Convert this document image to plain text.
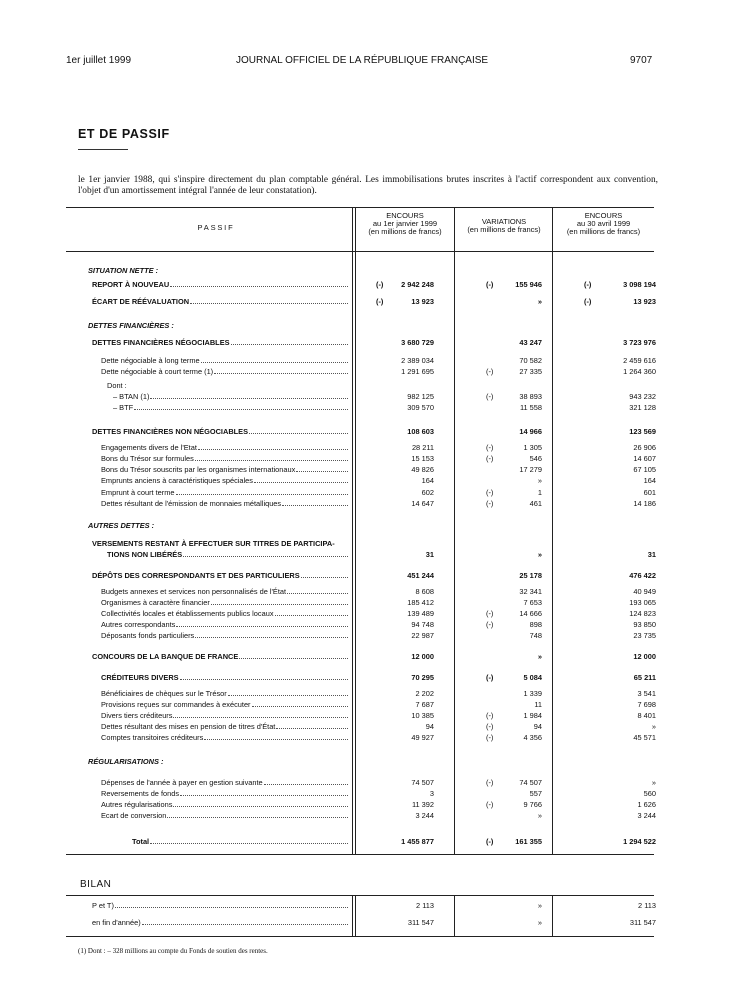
1er juillet 1999	JOURNAL OFFICIEL DE LA RÉPUBLIQUE FRANÇAISE	9707
ET DE PASSIF
le 1er janvier 1988, qui s'inspire directement du plan comptable général. Les immobilisations brutes inscrites à l'actif correspondent aux convention, l'objet d'un amortissement intégral l'année de leur constatation).
PASSIF
ENCOURS
au 1er janvier 1999
(en millions de francs)
VARIATIONS
(en millions de francs)
ENCOURS
au 30 avril 1999
(en millions de francs)
SITUATION NETTE :
REPORT À NOUVEAU	(-) 2 942 248	(-)	155 946	(-)	3 098 194
ÉCART DE RÉÉVALUATION	(-)	13 923	»	(-)	13 923
DETTES FINANCIÈRES :
DETTES FINANCIÈRES NÉGOCIABLES	3 680 729	43 247	3 723 976
Dette négociable à long terme	2 389 034	70 582	2 459 616
Dette négociable à court terme (1)	1 291 695	(-)	27 335	1 264 360
Dont :
– BTAN (1)	982 125	(-)	38 893	943 232
– BTF	309 570	11 558	321 128
DETTES FINANCIÈRES NON NÉGOCIABLES	108 603	14 966	123 569
Engagements divers de l'Etat	28 211	(-)	1 305	26 906
Bons du Trésor sur formules	15 153	(-)	546	14 607
Bons du Trésor souscrits par les organismes internationaux	49 826	17 279	67 105
Emprunts anciens à caractéristiques spéciales	164	»	164
Emprunt à court terme	602	(-)	1	601
Dettes résultant de l'émission de monnaies métalliques	14 647	(-)	461	14 186
AUTRES DETTES :
VERSEMENTS RESTANT À EFFECTUER SUR TITRES DE PARTICIPA-
TIONS NON LIBÉRÉS	31	»	31
DÉPÔTS DES CORRESPONDANTS ET DES PARTICULIERS	451 244	25 178	476 422
Budgets annexes et services non personnalisés de l'État	8 608	32 341	40 949
Organismes à caractère financier	185 412	7 653	193 065
Collectivités locales et établissements publics locaux	139 489	(-)	14 666	124 823
Autres correspondants	94 748	(-)	898	93 850
Déposants fonds particuliers	22 987	748	23 735
CONCOURS DE LA BANQUE DE FRANCE	12 000	»	12 000
CRÉDITEURS DIVERS	70 295	(-)	5 084	65 211
Bénéficiaires de chèques sur le Trésor	2 202	1 339	3 541
Provisions reçues sur commandes à exécuter	7 687	11	7 698
Divers tiers créditeurs	10 385	(-)	1 984	8 401
Dettes résultant des mises en pension de titres d'État	94	(-)	94	»
Comptes transitoires créditeurs	49 927	(-)	4 356	45 571
RÉGULARISATIONS :
Dépenses de l'année à payer en gestion suivante	74 507	(-)	74 507	»
Reversements de fonds	3	557	560
Autres régularisations	11 392	(-)	9 766	1 626
Ecart de conversion	3 244	»	3 244
Total	1 455 877	(-)	161 355	1 294 522
BILAN
P et T)	2 113	»	2 113
en fin d'année)	311 547	»	311 547
(1) Dont : – 328 millions au compte du Fonds de soutien des rentes.
